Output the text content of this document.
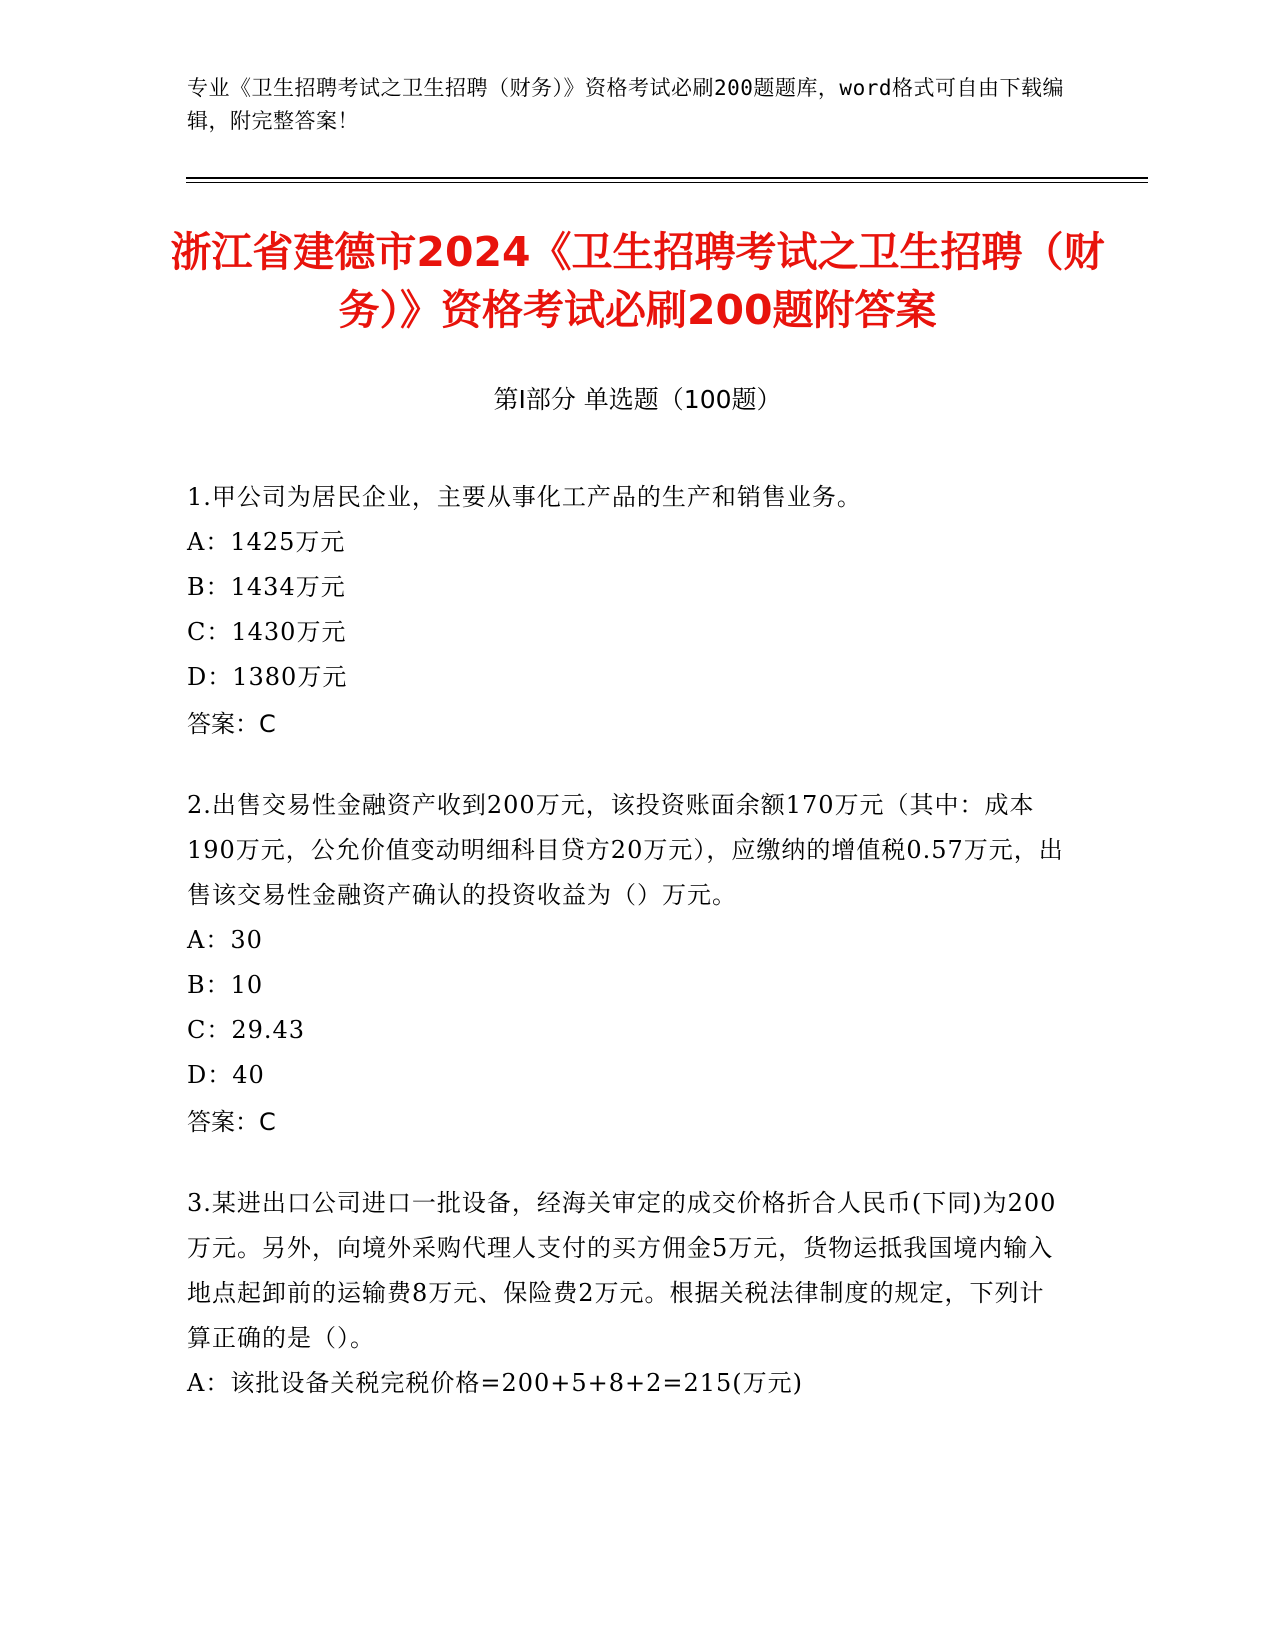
专业《卫生招聘考试之卫生招聘（财务）》资格考试必刷200题题库，word格式可自由下载编辑，附完整答案！
浙江省建德市2024《卫生招聘考试之卫生招聘（财务）》资格考试必刷200题附答案
第Ⅰ部分 单选题（100题）
1.甲公司为居民企业，主要从事化工产品的生产和销售业务。
A：1425万元
B：1434万元
C：1430万元
D：1380万元
答案：C
2.出售交易性金融资产收到200万元，该投资账面余额170万元（其中：成本190万元，公允价值变动明细科目贷方20万元），应缴纳的增值税0.57万元，出售该交易性金融资产确认的投资收益为（）万元。
A：30
B：10
C：29.43
D：40
答案：C
3.某进出口公司进口一批设备，经海关审定的成交价格折合人民币(下同)为200万元。另外，向境外采购代理人支付的买方佣金5万元，货物运抵我国境内输入地点起卸前的运输费8万元、保险费2万元。根据关税法律制度的规定，下列计算正确的是（）。
A：该批设备关税完税价格=200+5+8+2=215(万元)
